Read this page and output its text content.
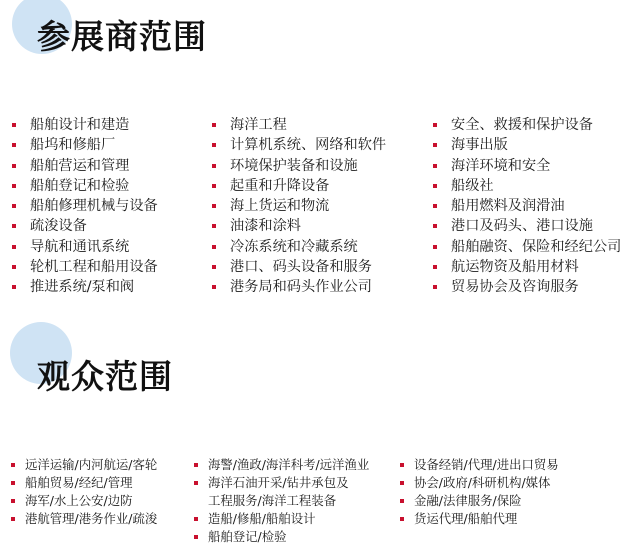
参展商范围
船舶设计和建造
船坞和修船厂
船舶营运和管理
船舶登记和检验
船舶修理机械与设备
疏浚设备
导航和通讯系统
轮机工程和船用设备
推进系统/泵和阀
海洋工程
计算机系统、网络和软件
环境保护装备和设施
起重和升降设备
海上货运和物流
油漆和涂料
冷冻系统和冷藏系统
港口、码头设备和服务
港务局和码头作业公司
安全、救援和保护设备
海事出版
海洋环境和安全
船级社
船用燃料及润滑油
港口及码头、港口设施
船舶融资、保险和经纪公司
航运物资及船用材料
贸易协会及咨询服务
观众范围
远洋运输/内河航运/客轮
船舶贸易/经纪/管理
海军/水上公安/边防
港航管理/港务作业/疏浚
海警/渔政/海洋科考/远洋渔业
海洋石油开采/钻井承包及
工程服务/海洋工程装备
造船/修船/船舶设计
船舶登记/检验
设备经销/代理/进出口贸易
协会/政府/科研机构/媒体
金融/法律服务/保险
货运代理/船舶代理
